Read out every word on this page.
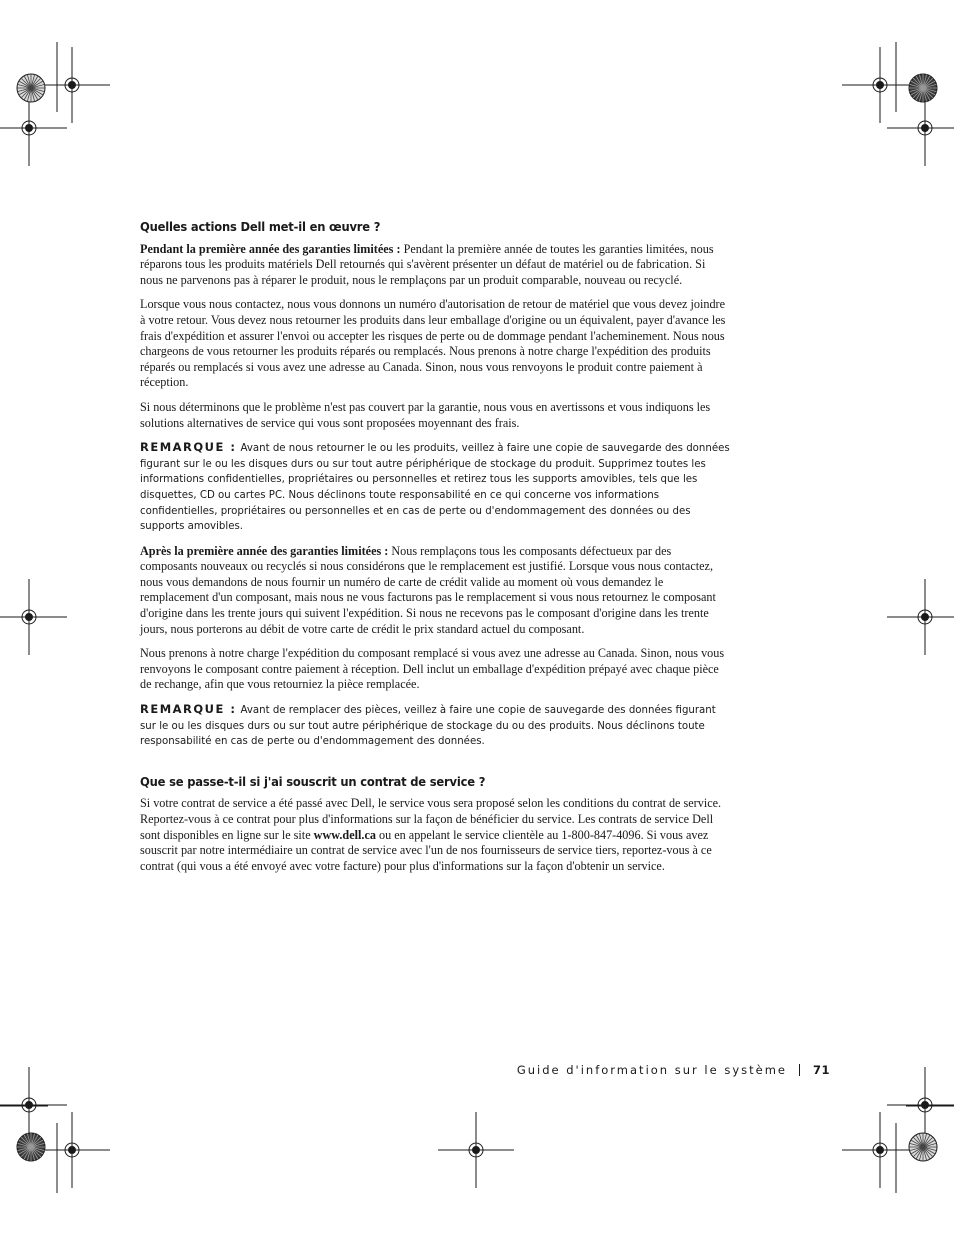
Quelles actions Dell met-il en œuvre ?

Pendant la première année des garanties limitées : Pendant la première année de toutes les garanties limitées, nous réparons tous les produits matériels Dell retournés qui s'avèrent présenter un défaut de matériel ou de fabrication. Si nous ne parvenons pas à réparer le produit, nous le remplaçons par un produit comparable, nouveau ou recyclé.

Lorsque vous nous contactez, nous vous donnons un numéro d'autorisation de retour de matériel que vous devez joindre à votre retour. Vous devez nous retourner les produits dans leur emballage d'origine ou un équivalent, payer d'avance les frais d'expédition et assurer l'envoi ou accepter les risques de perte ou de dommage pendant l'acheminement. Nous nous chargeons de vous retourner les produits réparés ou remplacés. Nous prenons à notre charge l'expédition des produits réparés ou remplacés si vous avez une adresse au Canada. Sinon, nous vous renvoyons le produit contre paiement à réception.

Si nous déterminons que le problème n'est pas couvert par la garantie, nous vous en avertissons et vous indiquons les solutions alternatives de service qui vous sont proposées moyennant des frais.

REMARQUE : Avant de nous retourner le ou les produits, veillez à faire une copie de sauvegarde des données figurant sur le ou les disques durs ou sur tout autre périphérique de stockage du produit. Supprimez toutes les informations confidentielles, propriétaires ou personnelles et retirez tous les supports amovibles, tels que les disquettes, CD ou cartes PC. Nous déclinons toute responsabilité en ce qui concerne vos informations confidentielles, propriétaires ou personnelles et en cas de perte ou d'endommagement des données ou des supports amovibles.

Après la première année des garanties limitées : Nous remplaçons tous les composants défectueux par des composants nouveaux ou recyclés si nous considérons que le remplacement est justifié. Lorsque vous nous contactez, nous vous demandons de nous fournir un numéro de carte de crédit valide au moment où vous demandez le remplacement d'un composant, mais nous ne vous facturons pas le remplacement si vous nous retournez le composant d'origine dans les trente jours qui suivent l'expédition. Si nous ne recevons pas le composant d'origine dans les trente jours, nous porterons au débit de votre carte de crédit le prix standard actuel du composant.

Nous prenons à notre charge l'expédition du composant remplacé si vous avez une adresse au Canada. Sinon, nous vous renvoyons le composant contre paiement à réception. Dell inclut un emballage d'expédition prépayé avec chaque pièce de rechange, afin que vous retourniez la pièce remplacée.

REMARQUE : Avant de remplacer des pièces, veillez à faire une copie de sauvegarde des données figurant sur le ou les disques durs ou sur tout autre périphérique de stockage du ou des produits. Nous déclinons toute responsabilité en cas de perte ou d'endommagement des données.
Que se passe-t-il si j'ai souscrit un contrat de service ?

Si votre contrat de service a été passé avec Dell, le service vous sera proposé selon les conditions du contrat de service. Reportez-vous à ce contrat pour plus d'informations sur la façon de bénéficier du service. Les contrats de service Dell sont disponibles en ligne sur le site www.dell.ca ou en appelant le service clientèle au 1-800-847-4096. Si vous avez souscrit par notre intermédiaire un contrat de service avec l'un de nos fournisseurs de service tiers, reportez-vous à ce contrat (qui vous a été envoyé avec votre facture) pour plus d'informations sur la façon d'obtenir un service.

Guide d'information sur le système 71
